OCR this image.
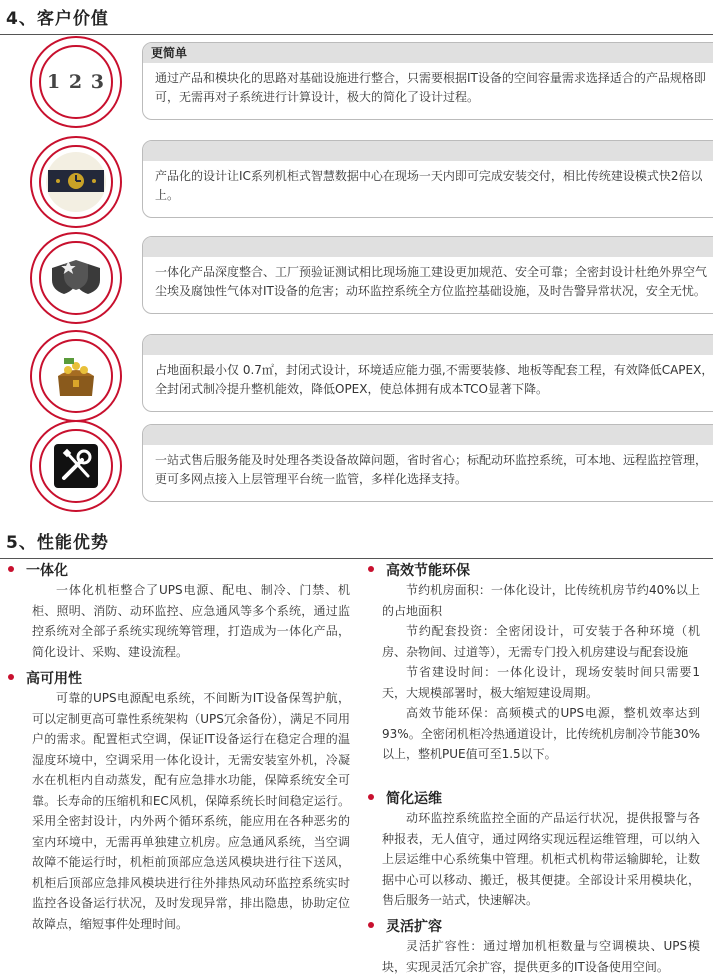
4、客户价值
1 2 3
更简单
通过产品和模块化的思路对基础设施进行整合，只需要根据IT设备的空间容量需求选择适合的产品规格即可，无需再对子系统进行计算设计，极大的简化了设计过程。
产品化的设计让IC系列机柜式智慧数据中心在现场一天内即可完成安装交付，相比传统建设模式快2倍以上。
一体化产品深度整合、工厂预验证测试相比现场施工建设更加规范、安全可靠；全密封设计杜绝外界空气尘埃及腐蚀性气体对IT设备的危害；动环监控系统全方位监控基础设施，及时告警异常状况，安全无忧。
占地面积最小仅 0.7㎡，封闭式设计，环境适应能力强,不需要装修、地板等配套工程，有效降低CAPEX，全封闭式制冷提升整机能效，降低OPEX，使总体拥有成本TCO显著下降。
一站式售后服务能及时处理各类设备故障问题，省时省心；标配动环监控系统，可本地、远程监控管理，更可多网点接入上层管理平台统一监管，多样化选择支持。
5、性能优势
一体化

一体化机柜整合了UPS电源、配电、制冷、门禁、机柜、照明、消防、动环监控、应急通风等多个系统，通过监控系统对全部子系统实现统筹管理，打造成为一体化产品，简化设计、采购、建设流程。

高可用性

可靠的UPS电源配电系统，不间断为IT设备保驾护航，可以定制更高可靠性系统架构（UPS冗余备份），满足不同用户的需求。配置柜式空调，保证IT设备运行在稳定合理的温湿度环境中，空调采用一体化设计，无需安装室外机，冷凝水在机柜内自动蒸发，配有应急排水功能，保障系统安全可靠。长寿命的压缩机和EC风机，保障系统长时间稳定运行。采用全密封设计，内外两个循环系统，能应用在各种恶劣的室内环境中，无需再单独建立机房。应急通风系统，当空调故障不能运行时，机柜前顶部应急送风模块进行往下送风，机柜后顶部应急排风模块进行往外排热风动环监控系统实时监控各设备运行状况，及时发现异常，排出隐患，协助定位故障点，缩短事件处理时间。

高效节能环保

节约机房面积：一体化设计，比传统机房节约40%以上的占地面积

节约配套投资：全密闭设计，可安装于各种环境（机房、杂物间、过道等），无需专门投入机房建设与配套设施

节省建设时间：一体化设计，现场安装时间只需要1天，大规模部署时，极大缩短建设周期。

高效节能环保：高频模式的UPS电源，整机效率达到93%。全密闭机柜冷热通道设计，比传统机房制冷节能30%以上，整机PUE值可至1.5以下。

简化运维

动环监控系统监控全面的产品运行状况，提供报警与各种报表，无人值守，通过网络实现远程运维管理，可以纳入上层运维中心系统集中管理。机柜式机构带运输脚轮，让数据中心可以移动、搬迁，极其便捷。全部设计采用模块化，售后服务一站式，快速解决。

灵活扩容

灵活扩容性：通过增加机柜数量与空调模块、UPS模块，实现灵活冗余扩容，提供更多的IT设备使用空间。
